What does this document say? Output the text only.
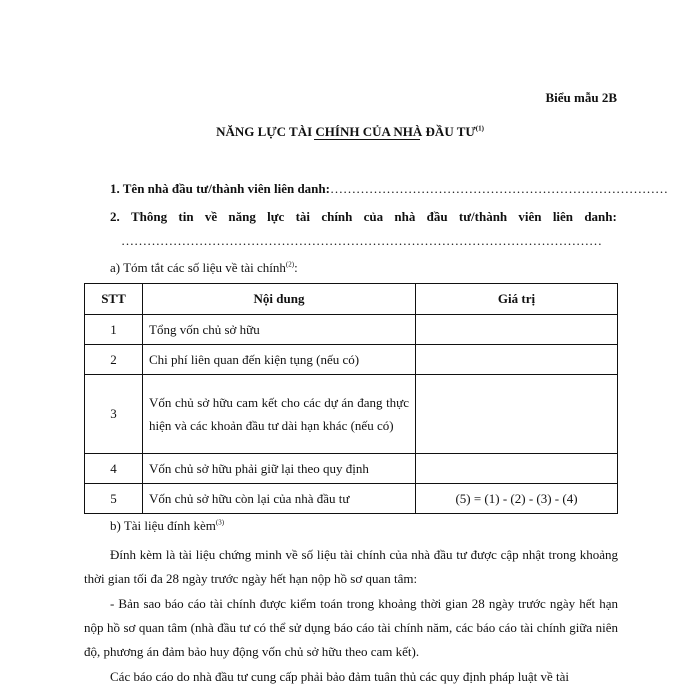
Biểu mẫu 2B
NĂNG LỰC TÀI CHÍNH CỦA NHÀ ĐẦU TƯ$^{(1)}$
1. Tên nhà đầu tư/thành viên liên danh:……………………………………………………………………
2. Thông tin về năng lực tài chính của nhà đầu tư/thành viên liên danh:
…………………………………………………………………………………………………
a) Tóm tắt các số liệu về tài chính$^{(2)}$:
STT	Nội dung	Giá trị
1	Tổng vốn chủ sở hữu	
2	Chi phí liên quan đến kiện tụng (nếu có)	
3	Vốn chủ sở hữu cam kết cho các dự án đang thực hiện và các khoản đầu tư dài hạn khác (nếu có)	
4	Vốn chủ sở hữu phải giữ lại theo quy định	
5	Vốn chủ sở hữu còn lại của nhà đầu tư	(5) = (1) - (2) - (3) - (4)
b) Tài liệu đính kèm$^{(3)}$
Đính kèm là tài liệu chứng minh về số liệu tài chính của nhà đầu tư được cập nhật trong khoảng thời gian tối đa 28 ngày trước ngày hết hạn nộp hồ sơ quan tâm:
- Bản sao báo cáo tài chính được kiểm toán trong khoảng thời gian 28 ngày trước ngày hết hạn nộp hồ sơ quan tâm (nhà đầu tư có thể sử dụng báo cáo tài chính năm, các báo cáo tài chính giữa niên độ, phương án đảm bảo huy động vốn chủ sở hữu theo cam kết).
Các báo cáo do nhà đầu tư cung cấp phải bảo đảm tuân thủ các quy định pháp luật về tài
